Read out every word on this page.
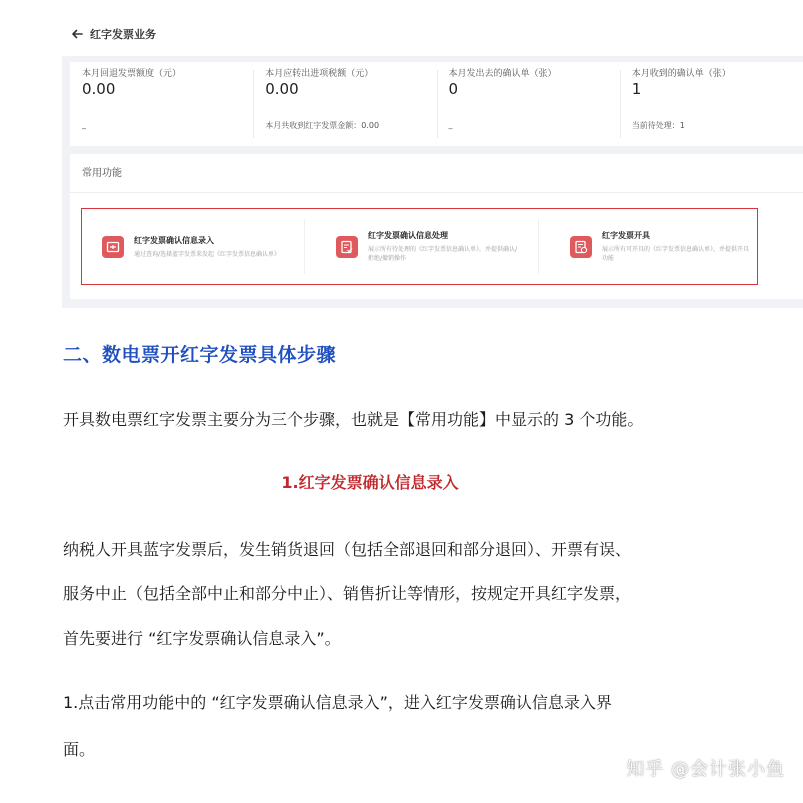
红字发票业务
本月回退发票额度（元）
0.00
_
本月应转出进项税额（元）
0.00
本月共收到红字发票金额：0.00
本月发出去的确认单（张）
0
_
本月收到的确认单（张）
1
当前待处理：1
常用功能
红字发票确认信息录入
通过查询/选择蓝字发票来发起《红字发票信息确认单》
红字发票确认信息处理
展示所有待处理的《红字发票信息确认单》，并提供确认/拒绝/撤销操作
红字发票开具
展示所有可开具的《红字发票信息确认单》，并提供开具功能
二、数电票开红字发票具体步骤
开具数电票红字发票主要分为三个步骤，也就是【常用功能】中显示的 3 个功能。
1.红字发票确认信息录入
纳税人开具蓝字发票后，发生销货退回（包括全部退回和部分退回）、开票有误、
服务中止（包括全部中止和部分中止）、销售折让等情形，按规定开具红字发票，
首先要进行 “红字发票确认信息录入”。
1.点击常用功能中的 “红字发票确认信息录入”，进入红字发票确认信息录入界
面。
知乎 @会计张小鱼
